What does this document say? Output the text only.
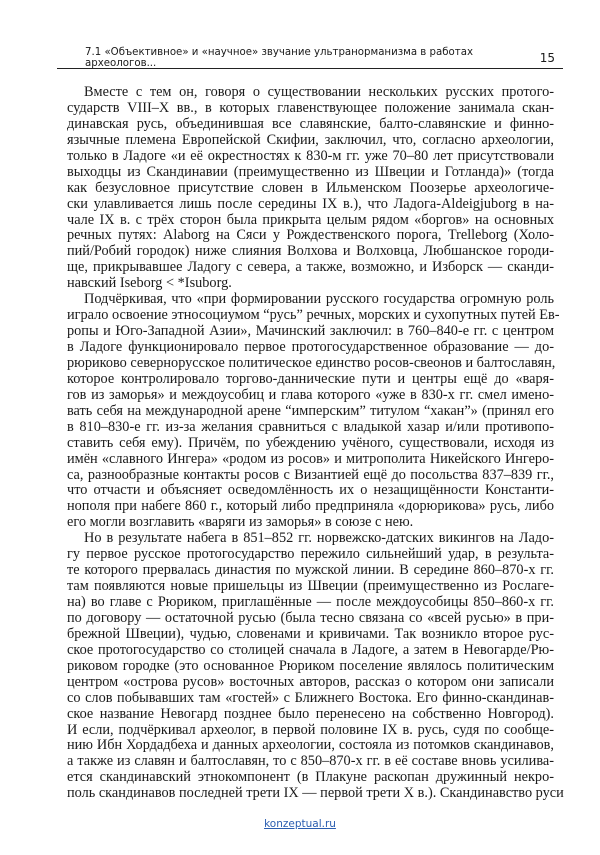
7.1 «Объективное» и «научное» звучание ультранорманизма в работах археологов...	15
Вместе с тем он, говоря о существовании нескольких русских протого-
сударств VIII–X вв., в которых главенствующее положение занимала скан-
динавская русь, объединившая все славянские, балто-славянские и финно-
язычные племена Европейской Скифии, заключил, что, согласно археологии,
только в Ладоге «и её окрестностях к 830-м гг. уже 70–80 лет присутствовали
выходцы из Скандинавии (преимущественно из Швеции и Готланда)» (тогда
как безусловное присутствие словен в Ильменском Поозерье археологиче-
ски улавливается лишь после середины IX в.), что Ладога-Aldeigjuborg в на-
чале IX в. с трёх сторон была прикрыта целым рядом «боргов» на основных
речных путях: Alaborg на Сяси у Рождественского порога, Trelleborg (Холо-
пий/Робий городок) ниже слияния Волхова и Волховца, Любшанское городи-
ще, прикрывавшее Ладогу с севера, а также, возможно, и Изборск — сканди-
навский Iseborg < *Isuborg.
Подчёркивая, что «при формировании русского государства огромную роль
играло освоение этносоциумом “русь” речных, морских и сухопутных путей Ев-
ропы и Юго-Западной Азии», Мачинский заключил: в 760–840-е гг. с центром
в Ладоге функционировало первое протогосударственное образование — до-
рюриково севернорусское политическое единство росов-свеонов и балтославян,
которое контролировало торгово-даннические пути и центры ещё до «варя-
гов из заморья» и междоусобиц и глава которого «уже в 830-х гг. смел имено-
вать себя на международной арене “имперским” титулом “хакан”» (принял его
в 810–830-е гг. из-за желания сравниться с владыкой хазар и/или противопо-
ставить себя ему). Причём, по убеждению учёного, существовали, исходя из
имён «славного Ингера» «родом из росов» и митрополита Никейского Ингеро-
са, разнообразные контакты росов с Византией ещё до посольства 837–839 гг.,
что отчасти и объясняет осведомлённость их о незащищённости Константи-
нополя при набеге 860 г., который либо предприняла «дорюрикова» русь, либо
его могли возглавить «варяги из заморья» в союзе с нею.
Но в результате набега в 851–852 гг. норвежско-датских викингов на Ладо-
гу первое русское протогосударство пережило сильнейший удар, в результа-
те которого прервалась династия по мужской линии. В середине 860–870-х гг.
там появляются новые пришельцы из Швеции (преимущественно из Рослаге-
на) во главе с Рюриком, приглашённые — после междоусобицы 850–860-х гг.
по договору — остаточной русью (была тесно связана со «всей русью» в при-
брежной Швеции), чудью, словенами и кривичами. Так возникло второе рус-
ское протогосударство со столицей сначала в Ладоге, а затем в Невогарде/Рю-
риковом городке (это основанное Рюриком поселение являлось политическим
центром «острова русов» восточных авторов, рассказ о котором они записали
со слов побывавших там «гостей» с Ближнего Востока. Его финно-скандинав-
ское название Невогард позднее было перенесено на собственно Новгород).
И если, подчёркивал археолог, в первой половине IX в. русь, судя по сообще-
нию Ибн Хордадбеха и данных археологии, состояла из потомков скандинавов,
а также из славян и балтославян, то с 850–870-х гг. в её составе вновь усилива-
ется скандинавский этнокомпонент (в Плакуне раскопан дружинный некро-
поль скандинавов последней трети IX — первой трети X в.). Скандинавство руси
konzeptual.ru
